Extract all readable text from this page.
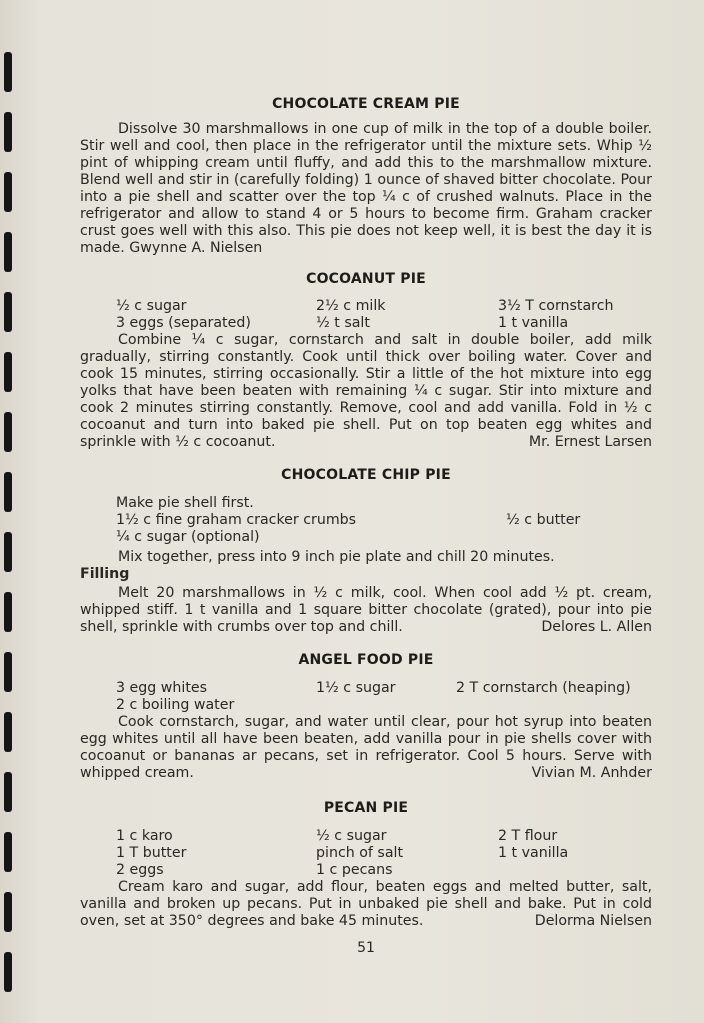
CHOCOLATE CREAM PIE

Dissolve 30 marshmallows in one cup of milk in the top of a double boiler. Stir well and cool, then place in the refrigerator until the mixture sets. Whip ½ pint of whipping cream until fluffy, and add this to the marshmallow mixture. Blend well and stir in (carefully folding) 1 ounce of shaved bitter chocolate. Pour into a pie shell and scatter over the top ¼ c of crushed walnuts. Place in the refrigerator and allow to stand 4 or 5 hours to become firm. Graham cracker crust goes well with this also. This pie does not keep well, it is best the day it is made. Gwynne A. Nielsen

COCOANUT PIE
½ c sugar	2½ c milk	3½ T cornstarch
3 eggs (separated)	½ t salt	1 t vanilla

Combine ¼ c sugar, cornstarch and salt in double boiler, add milk gradually, stirring constantly. Cook until thick over boiling water. Cover and cook 15 minutes, stirring occasionally. Stir a little of the hot mixture into egg yolks that have been beaten with remaining ¼ c sugar. Stir into mixture and cook 2 minutes stirring constantly. Remove, cool and add vanilla. Fold in ½ c cocoanut and turn into baked pie shell. Put on top beaten egg whites and sprinkle with ½ c cocoanut.	Mr. Ernest Larsen

CHOCOLATE CHIP PIE
Make pie shell first.
1½ c fine graham cracker crumbs	½ c butter
¼ c sugar (optional)

Mix together, press into 9 inch pie plate and chill 20 minutes.

Filling

Melt 20 marshmallows in ½ c milk, cool. When cool add ½ pt. cream, whipped stiff. 1 t vanilla and 1 square bitter chocolate (grated), pour into pie shell, sprinkle with crumbs over top and chill.	Delores L. Allen

ANGEL FOOD PIE
3 egg whites	1½ c sugar	2 T cornstarch (heaping)
2 c boiling water

Cook cornstarch, sugar, and water until clear, pour hot syrup into beaten egg whites until all have been beaten, add vanilla pour in pie shells cover with cocoanut or bananas ar pecans, set in refrigerator. Cool 5 hours. Serve with whipped cream.	Vivian M. Anhder

PECAN PIE
1 c karo	½ c sugar	2 T flour
1 T butter	pinch of salt	1 t vanilla
2 eggs	1 c pecans

Cream karo and sugar, add flour, beaten eggs and melted butter, salt, vanilla and broken up pecans. Put in unbaked pie shell and bake. Put in cold oven, set at 350° degrees and bake 45 minutes.	Delorma Nielsen

51
